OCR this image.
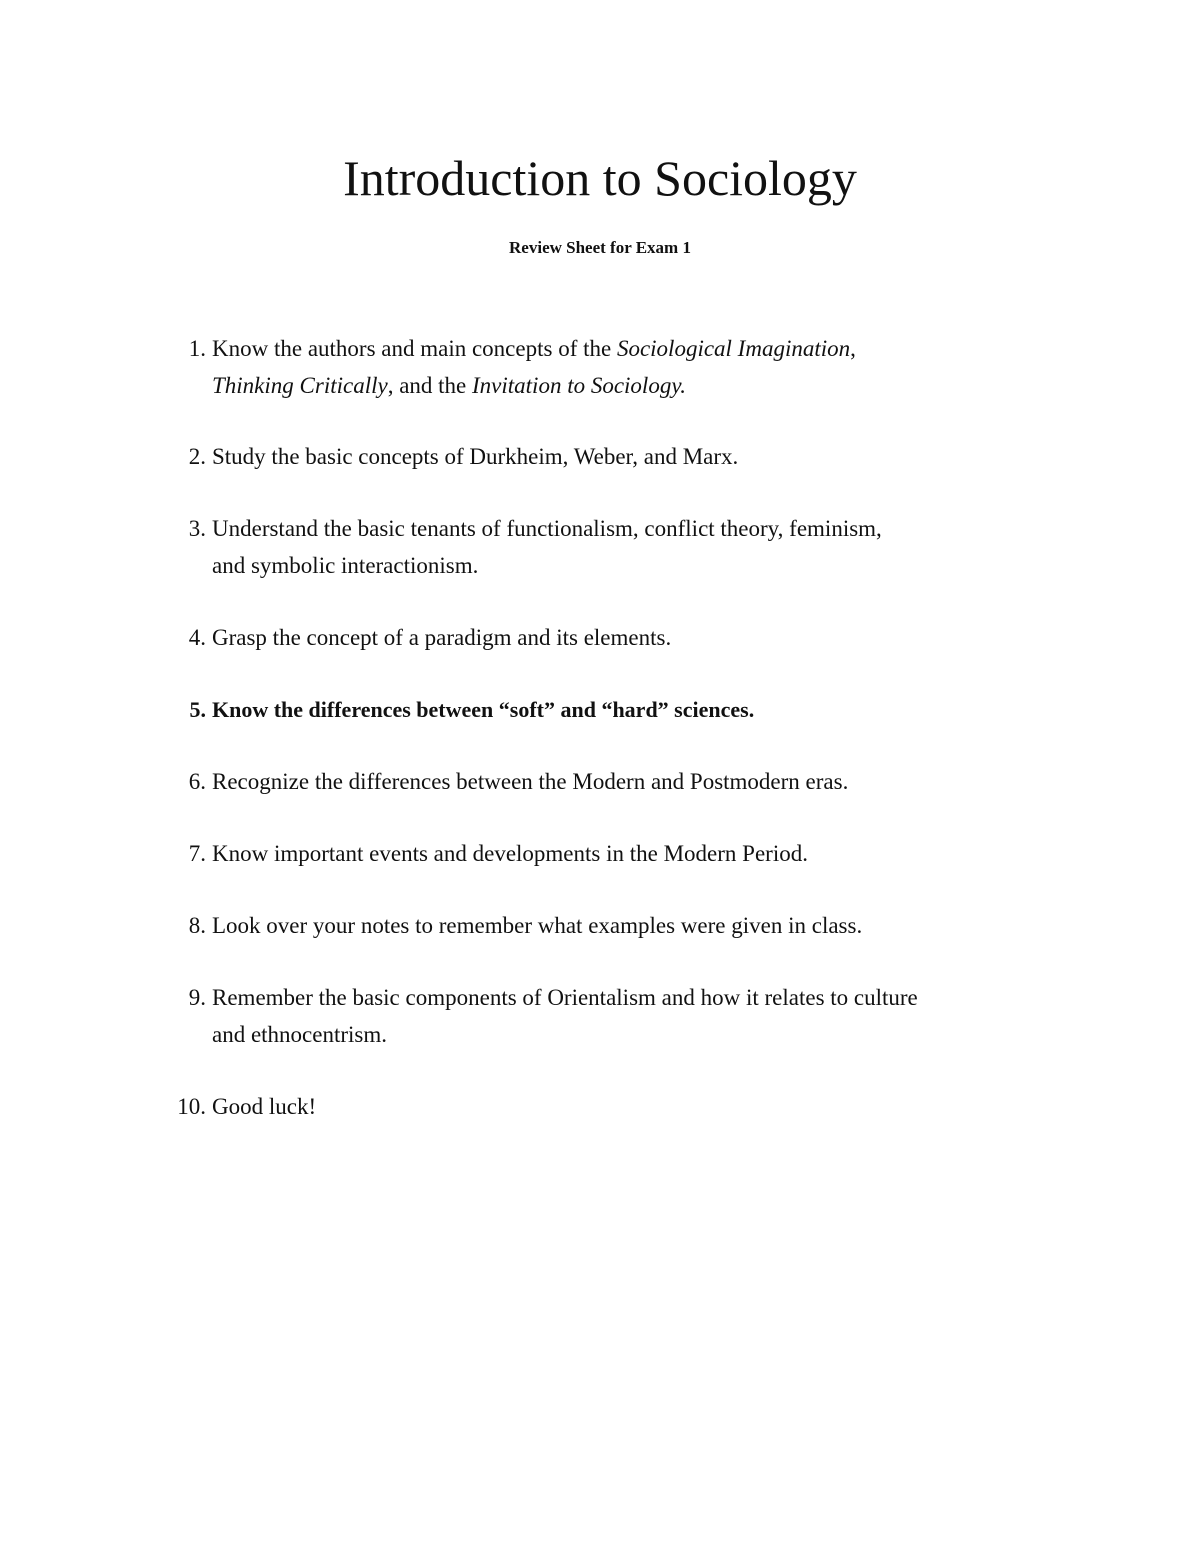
Introduction to Sociology
Review Sheet for Exam 1
1. Know the authors and main concepts of the Sociological Imagination,
Thinking Critically, and the Invitation to Sociology.
2. Study the basic concepts of Durkheim, Weber, and Marx.
3. Understand the basic tenants of functionalism, conflict theory, feminism,
and symbolic interactionism.
4. Grasp the concept of a paradigm and its elements.
5. Know the differences between “soft” and “hard” sciences.
6. Recognize the differences between the Modern and Postmodern eras.
7. Know important events and developments in the Modern Period.
8. Look over your notes to remember what examples were given in class.
9. Remember the basic components of Orientalism and how it relates to culture
and ethnocentrism.
10. Good luck!
